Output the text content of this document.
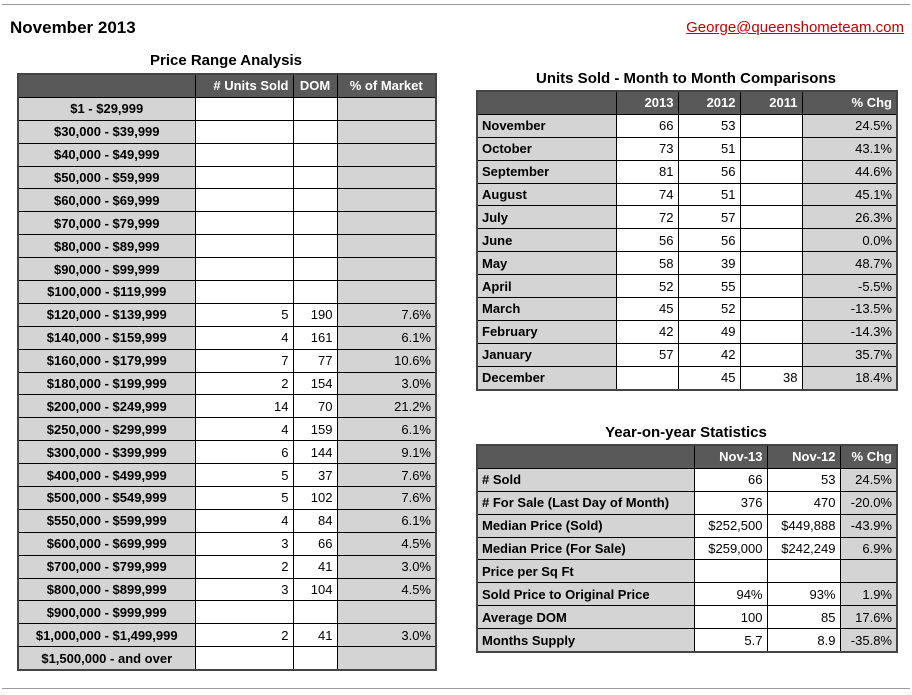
November 2013	George@queenshometeam.com
Price Range Analysis
	# Units Sold	DOM	% of Market
$1 - $29,999			
$30,000 - $39,999			
$40,000 - $49,999			
$50,000 - $59,999			
$60,000 - $69,999			
$70,000 - $79,999			
$80,000 - $89,999			
$90,000 - $99,999			
$100,000 - $119,999			
$120,000 - $139,999	5	190	7.6%
$140,000 - $159,999	4	161	6.1%
$160,000 - $179,999	7	77	10.6%
$180,000 - $199,999	2	154	3.0%
$200,000 - $249,999	14	70	21.2%
$250,000 - $299,999	4	159	6.1%
$300,000 - $399,999	6	144	9.1%
$400,000 - $499,999	5	37	7.6%
$500,000 - $549,999	5	102	7.6%
$550,000 - $599,999	4	84	6.1%
$600,000 - $699,999	3	66	4.5%
$700,000 - $799,999	2	41	3.0%
$800,000 - $899,999	3	104	4.5%
$900,000 - $999,999			
$1,000,000 - $1,499,999	2	41	3.0%
$1,500,000 - and over			
Units Sold - Month to Month Comparisons
	2013	2012	2011	% Chg
November	66	53		24.5%
October	73	51		43.1%
September	81	56		44.6%
August	74	51		45.1%
July	72	57		26.3%
June	56	56		0.0%
May	58	39		48.7%
April	52	55		-5.5%
March	45	52		-13.5%
February	42	49		-14.3%
January	57	42		35.7%
December		45	38	18.4%
Year-on-year Statistics
	Nov-13	Nov-12	% Chg
# Sold	66	53	24.5%
# For Sale (Last Day of Month)	376	470	-20.0%
Median Price (Sold)	$252,500	$449,888	-43.9%
Median Price (For Sale)	$259,000	$242,249	6.9%
Price per Sq Ft			
Sold Price to Original Price	94%	93%	1.9%
Average DOM	100	85	17.6%
Months Supply	5.7	8.9	-35.8%
